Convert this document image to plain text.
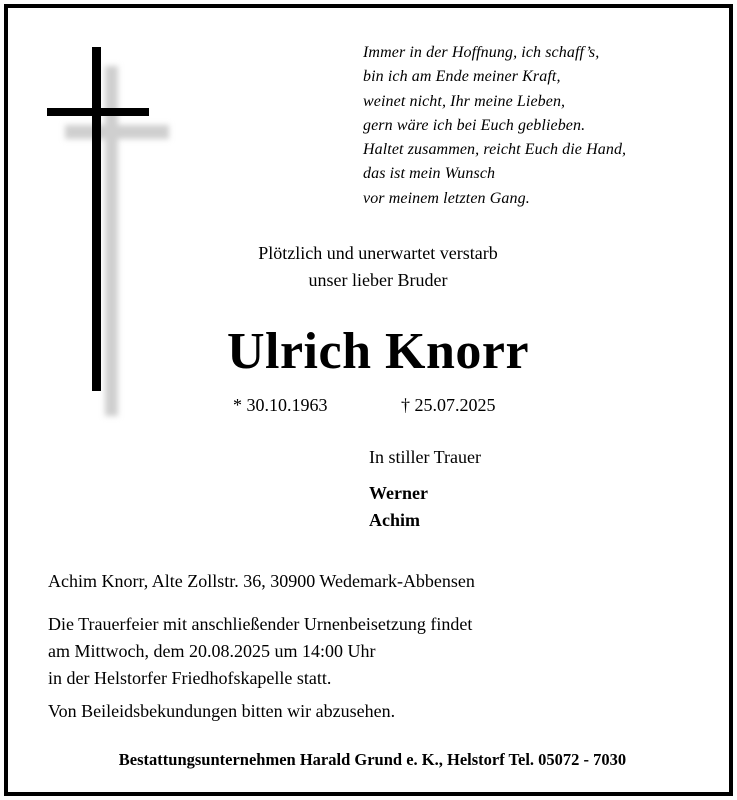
Immer in der Hoffnung, ich schaff’s,
bin ich am Ende meiner Kraft,
weinet nicht, Ihr meine Lieben,
gern wäre ich bei Euch geblieben.
Haltet zusammen, reicht Euch die Hand,
das ist mein Wunsch
vor meinem letzten Gang.
Plötzlich und unerwartet verstarb
unser lieber Bruder
Ulrich Knorr
* 30.10.1963	† 25.07.2025
In stiller Trauer
Werner
Achim
Achim Knorr, Alte Zollstr. 36, 30900 Wedemark-Abbensen
Die Trauerfeier mit anschließender Urnenbeisetzung findet
am Mittwoch, dem 20.08.2025 um 14:00 Uhr
in der Helstorfer Friedhofskapelle statt.
Von Beileidsbekundungen bitten wir abzusehen.
Bestattungsunternehmen Harald Grund e. K., Helstorf Tel. 05072 - 7030
